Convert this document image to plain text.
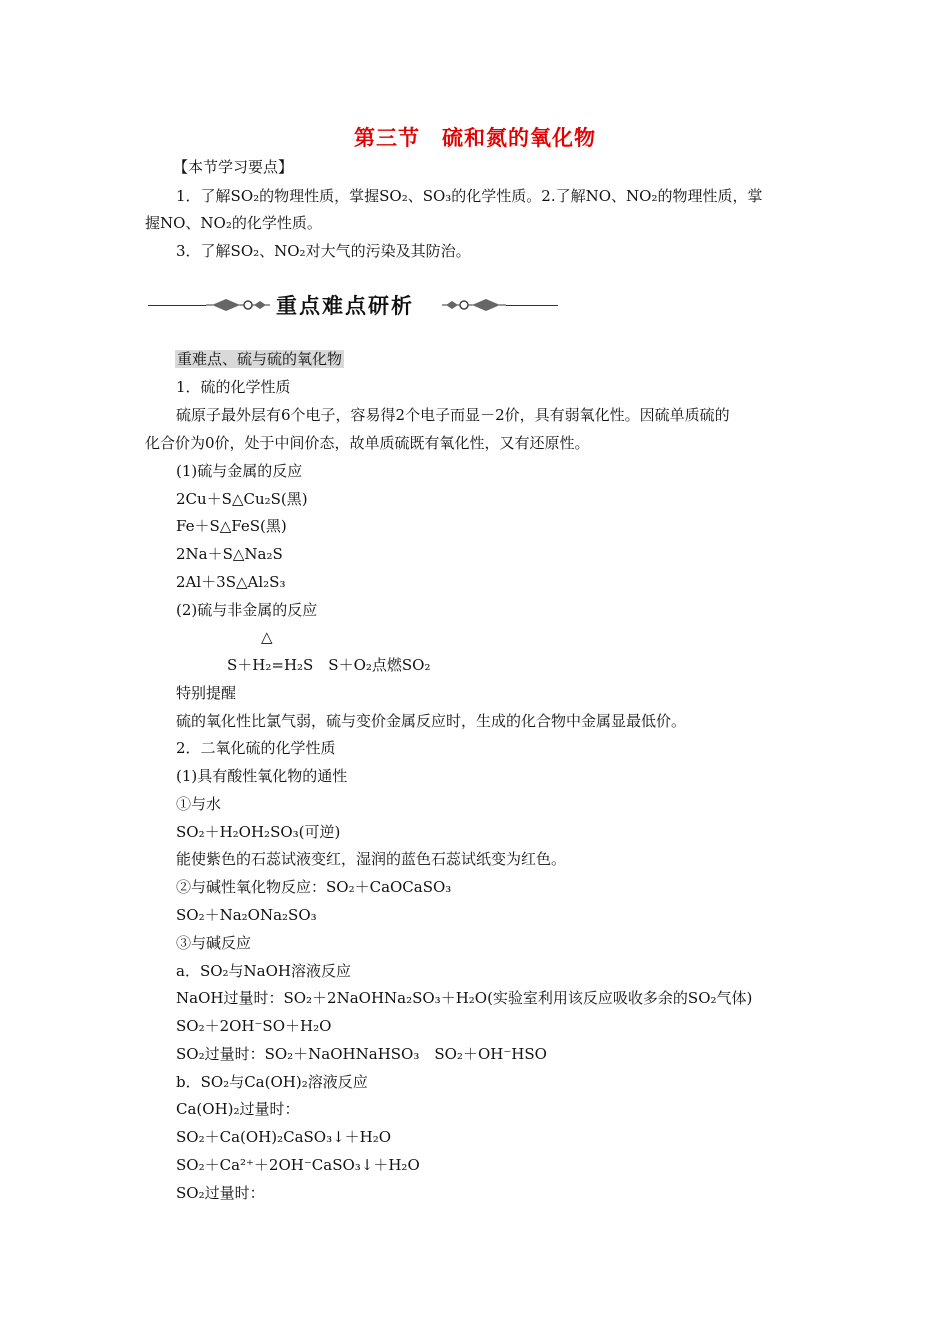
第三节　硫和氮的氧化物
【本节学习要点】
1．了解SO₂的物理性质，掌握SO₂、SO₃的化学性质。2.了解NO、NO₂的物理性质，掌
握NO、NO₂的化学性质。
3．了解SO₂、NO₂对大气的污染及其防治。
重点难点研析
重难点、硫与硫的氧化物
1．硫的化学性质
硫原子最外层有6个电子，容易得2个电子而显－2价，具有弱氧化性。因硫单质硫的
化合价为0价，处于中间价态，故单质硫既有氧化性，又有还原性。
(1)硫与金属的反应
2Cu＋S△Cu₂S(黑)
Fe＋S△FeS(黑)
2Na＋S△Na₂S
2Al＋3S△Al₂S₃
(2)硫与非金属的反应
△
S＋H₂=H₂S　S＋O₂点燃SO₂
特别提醒
硫的氧化性比氯气弱，硫与变价金属反应时，生成的化合物中金属显最低价。
2．二氧化硫的化学性质
(1)具有酸性氧化物的通性
①与水
SO₂＋H₂OH₂SO₃(可逆)
能使紫色的石蕊试液变红，湿润的蓝色石蕊试纸变为红色。
②与碱性氧化物反应：SO₂＋CaOCaSO₃
SO₂＋Na₂ONa₂SO₃
③与碱反应
a．SO₂与NaOH溶液反应
NaOH过量时：SO₂＋2NaOHNa₂SO₃＋H₂O(实验室利用该反应吸收多余的SO₂气体)
SO₂＋2OH⁻SO＋H₂O
SO₂过量时：SO₂＋NaOHNaHSO₃　SO₂＋OH⁻HSO
b．SO₂与Ca(OH)₂溶液反应
Ca(OH)₂过量时：
SO₂＋Ca(OH)₂CaSO₃↓＋H₂O
SO₂＋Ca²⁺＋2OH⁻CaSO₃↓＋H₂O
SO₂过量时：
